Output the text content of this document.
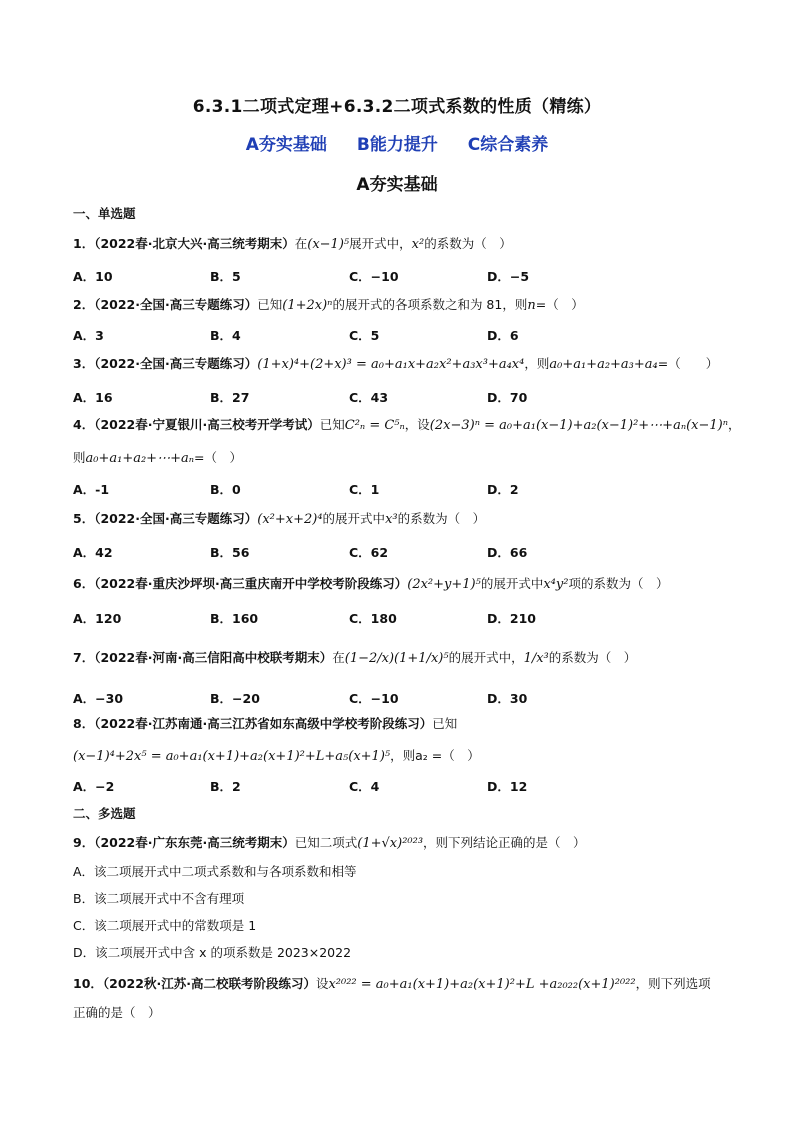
6.3.1二项式定理+6.3.2二项式系数的性质（精练）
A夯实基础 B能力提升 C综合素养
A夯实基础
一、单选题
1．（2022春·北京大兴·高三统考期末）在(x−1)⁵展开式中，x²的系数为（　）
A．10	B．5	C．−10	D．−5
2．（2022·全国·高三专题练习）已知(1+2x)ⁿ的展开式的各项系数之和为 81，则n=（　）
A．3	B．4	C．5	D．6
3．（2022·全国·高三专题练习）(1+x)⁴+(2+x)³ = a₀+a₁x+a₂x²+a₃x³+a₄x⁴，则a₀+a₁+a₂+a₃+a₄=（　　）
A．16	B．27	C．43	D．70
4．（2022春·宁夏银川·高三校考开学考试）已知C²ₙ = C⁵ₙ，设(2x−3)ⁿ = a₀+a₁(x−1)+a₂(x−1)²+⋯+aₙ(x−1)ⁿ，
则a₀+a₁+a₂+⋯+aₙ=（　）
A．-1	B．0	C．1	D．2
5．（2022·全国·高三专题练习）(x²+x+2)⁴的展开式中x³的系数为（　）
A．42	B．56	C．62	D．66
6．（2022春·重庆沙坪坝·高三重庆南开中学校考阶段练习）(2x²+y+1)⁵的展开式中x⁴y²项的系数为（　）
A．120	B．160	C．180	D．210
7．（2022春·河南·高三信阳高中校联考期末）在(1−2/x)(1+1/x)⁵的展开式中，1/x³的系数为（　）
A．−30	B．−20	C．−10	D．30
8．（2022春·江苏南通·高三江苏省如东高级中学校考阶段练习）已知
(x−1)⁴+2x⁵ = a₀+a₁(x+1)+a₂(x+1)²+L+a₅(x+1)⁵，则a₂ =（　）
A．−2	B．2	C．4	D．12
二、多选题
9．（2022春·广东东莞·高三统考期末）已知二项式(1+√x)²⁰²³，则下列结论正确的是（　）
A．该二项展开式中二项式系数和与各项系数和相等
B．该二项展开式中不含有理项
C．该二项展开式中的常数项是 1
D．该二项展开式中含 x 的项系数是 2023×2022
10．（2022秋·江苏·高二校联考阶段练习）设x²⁰²² = a₀+a₁(x+1)+a₂(x+1)²+L +a₂₀₂₂(x+1)²⁰²²，则下列选项
正确的是（　）
